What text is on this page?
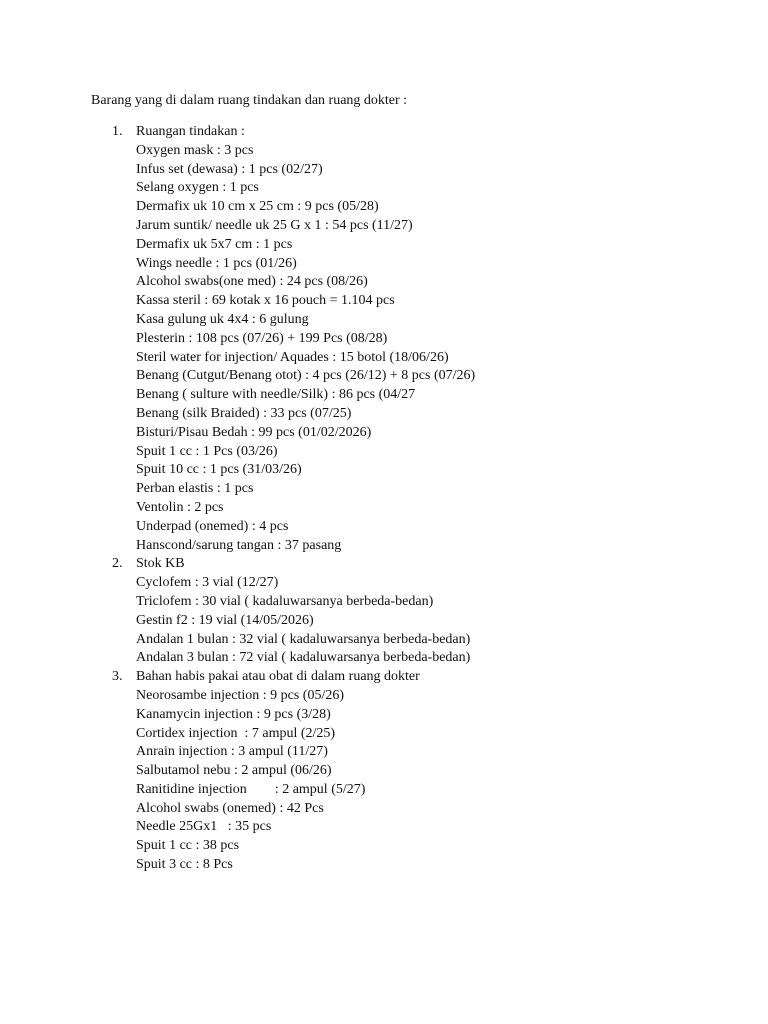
Barang yang di dalam ruang tindakan dan ruang dokter :
1. Ruangan tindakan :
Oxygen mask : 3 pcs
Infus set (dewasa) : 1 pcs (02/27)
Selang oxygen : 1 pcs
Dermafix uk 10 cm x 25 cm : 9 pcs (05/28)
Jarum suntik/ needle uk 25 G x 1 : 54 pcs (11/27)
Dermafix uk 5x7 cm : 1 pcs
Wings needle : 1 pcs (01/26)
Alcohol swabs(one med) : 24 pcs (08/26)
Kassa steril : 69 kotak x 16 pouch = 1.104 pcs
Kasa gulung uk 4x4 : 6 gulung
Plesterin : 108 pcs (07/26) + 199 Pcs (08/28)
Steril water for injection/ Aquades : 15 botol (18/06/26)
Benang (Cutgut/Benang otot) : 4 pcs (26/12) + 8 pcs (07/26)
Benang ( sulture with needle/Silk) : 86 pcs (04/27
Benang (silk Braided) : 33 pcs (07/25)
Bisturi/Pisau Bedah : 99 pcs (01/02/2026)
Spuit 1 cc : 1 Pcs (03/26)
Spuit 10 cc : 1 pcs (31/03/26)
Perban elastis : 1 pcs
Ventolin : 2 pcs
Underpad (onemed) : 4 pcs
Hanscond/sarung tangan : 37 pasang
2. Stok KB
Cyclofem : 3 vial (12/27)
Triclofem : 30 vial ( kadaluwarsanya berbeda-bedan)
Gestin f2 : 19 vial (14/05/2026)
Andalan 1 bulan : 32 vial ( kadaluwarsanya berbeda-bedan)
Andalan 3 bulan : 72 vial ( kadaluwarsanya berbeda-bedan)
3. Bahan habis pakai atau obat di dalam ruang dokter
Neorosambe injection : 9 pcs (05/26)
Kanamycin injection : 9 pcs (3/28)
Cortidex injection  : 7 ampul (2/25)
Anrain injection : 3 ampul (11/27)
Salbutamol nebu : 2 ampul (06/26)
Ranitidine injection        : 2 ampul (5/27)
Alcohol swabs (onemed) : 42 Pcs
Needle 25Gx1   : 35 pcs
Spuit 1 cc : 38 pcs
Spuit 3 cc : 8 Pcs
